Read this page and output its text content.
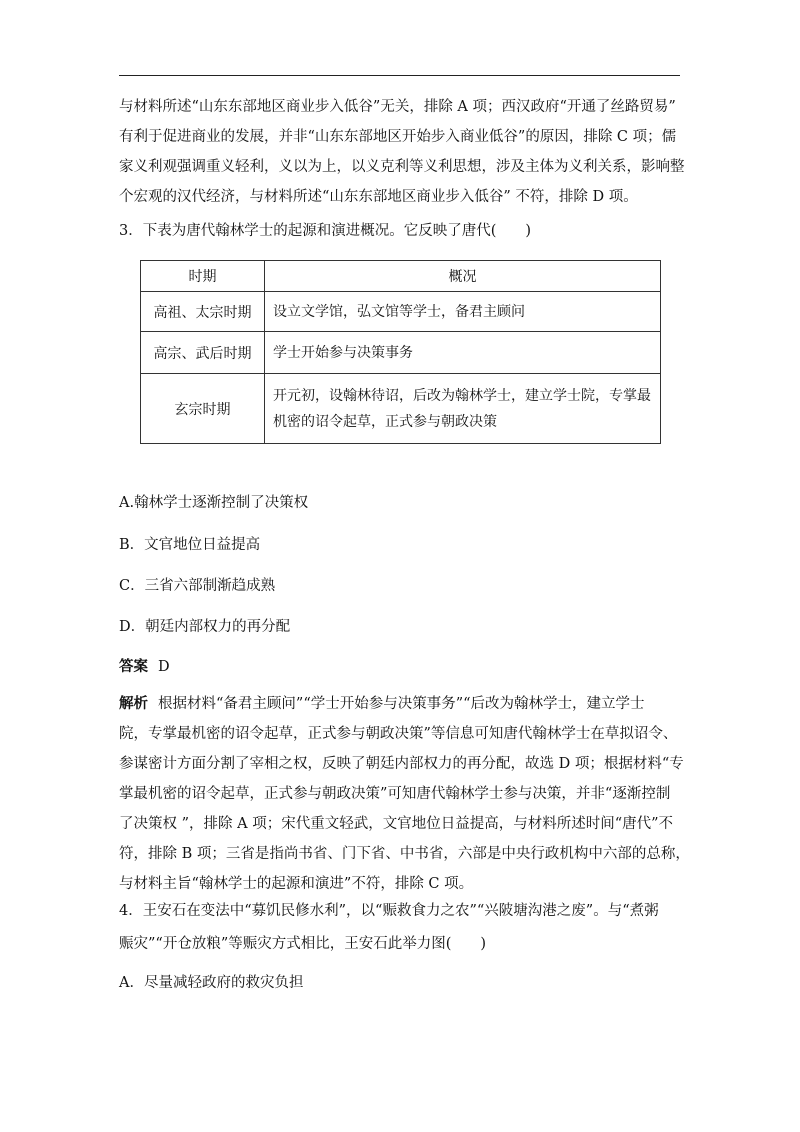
与材料所述“山东东部地区商业步入低谷”无关，排除 A 项；西汉政府“开通了丝路贸易”
有利于促进商业的发展，并非“山东东部地区开始步入商业低谷”的原因，排除 C 项；儒
家义利观强调重义轻利，义以为上，以义克利等义利思想，涉及主体为义利关系，影响整
个宏观的汉代经济，与材料所述“山东东部地区商业步入低谷” 不符，排除 D 项。
3．下表为唐代翰林学士的起源和演进概况。它反映了唐代(　　)
时期	概况
高祖、太宗时期	设立文学馆，弘文馆等学士，备君主顾问

高宗、武后时期	学士开始参与决策事务

玄宗时期	开元初，设翰林待诏，后改为翰林学士，建立学士院，专掌最
机密的诏令起草，正式参与朝政决策
A.翰林学士逐渐控制了决策权
B．文官地位日益提高
C．三省六部制渐趋成熟
D．朝廷内部权力的再分配
答案 D
解析 根据材料“备君主顾问”“学士开始参与决策事务”“后改为翰林学士，建立学士
院，专掌最机密的诏令起草，正式参与朝政决策”等信息可知唐代翰林学士在草拟诏令、
参谋密计方面分割了宰相之权，反映了朝廷内部权力的再分配，故选 D 项；根据材料“专
掌最机密的诏令起草，正式参与朝政决策”可知唐代翰林学士参与决策，并非“逐渐控制
了决策权 ”，排除 A 项；宋代重文轻武，文官地位日益提高，与材料所述时间“唐代”不
符，排除 B 项；三省是指尚书省、门下省、中书省，六部是中央行政机构中六部的总称，
与材料主旨“翰林学士的起源和演进”不符，排除 C 项。
4．王安石在变法中“募饥民修水利”，以“赈救食力之农”“兴陂塘沟港之废”。与“煮粥
赈灾”“开仓放粮”等赈灾方式相比，王安石此举力图(　　)
A．尽量减轻政府的救灾负担
